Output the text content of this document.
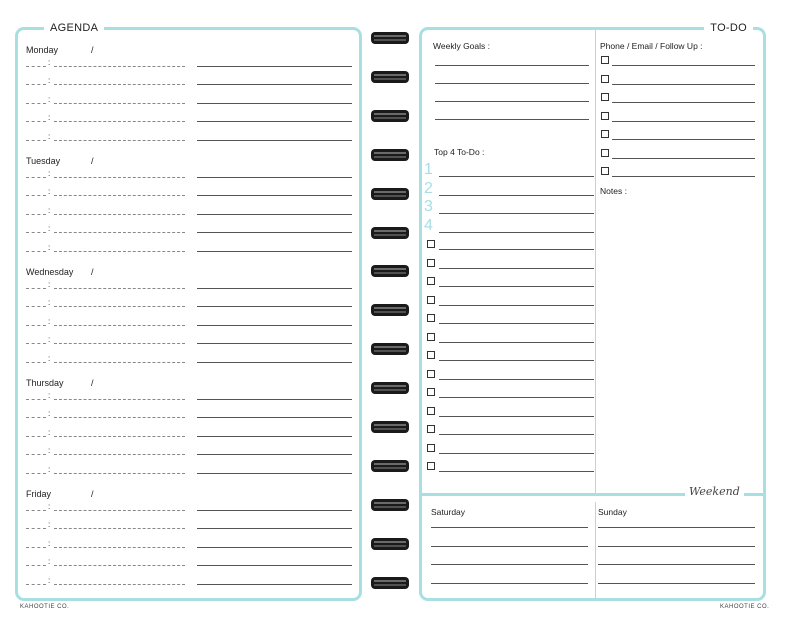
AGENDA
Monday	/
:
:
:
:
:
Tuesday	/
:
:
:
:
:
Wednesday /
:
:
:
:
:
Thursday	/
:
:
:
:
:
Friday	/
:
:
:
:
:
TO-DO
Weekend
Weekly Goals :	Phone / Email / Follow Up :
Top 4 To-Do :
Notes :
Saturday	Sunday
1
2
3
4
KAHOOTIE CO.	KAHOOTIE CO.
